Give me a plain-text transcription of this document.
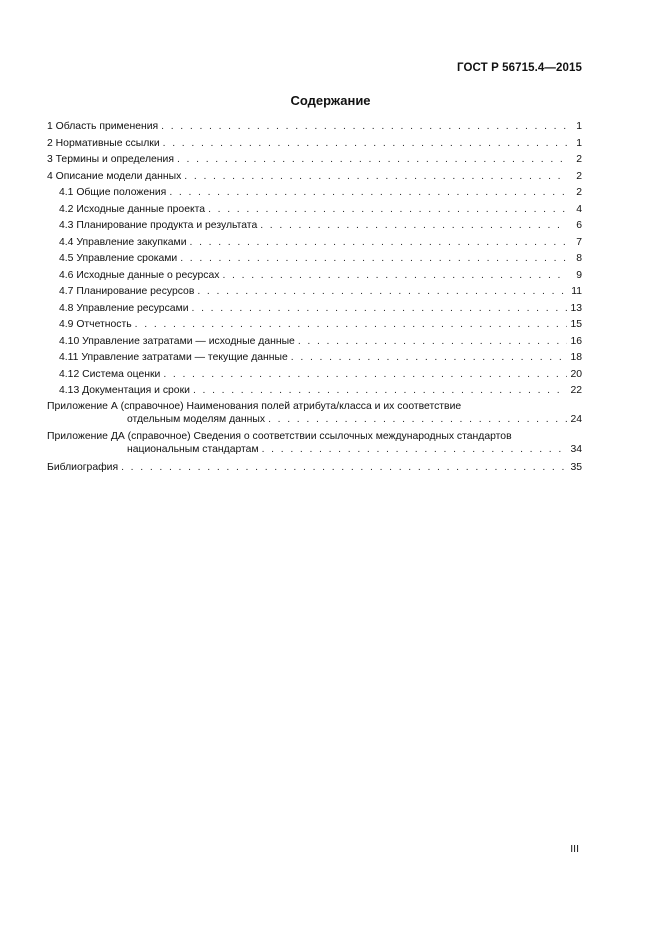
ГОСТ Р 56715.4—2015
Содержание
1 Область применения . . .	1
2 Нормативные ссылки . . .	1
3 Термины и определения . . .	2
4 Описание модели данных . . .	2
4.1 Общие положения . . .	2
4.2 Исходные данные проекта . . .	4
4.3 Планирование продукта и результата . . .	6
4.4 Управление закупками . . .	7
4.5 Управление сроками . . .	8
4.6 Исходные данные о ресурсах . . .	9
4.7 Планирование ресурсов . . .	11
4.8 Управление ресурсами . . .	13
4.9 Отчетность . . .	15
4.10 Управление затратами — исходные данные . . .	16
4.11 Управление затратами — текущие данные . . .	18
4.12 Система оценки . . .	20
4.13 Документация и сроки . . .	22
Приложение А (справочное) Наименования полей атрибута/класса и их соответствие
отдельным моделям данных . . .	24
Приложение ДА (справочное) Сведения о соответствии ссылочных международных стандартов
национальным стандартам . . .	34
Библиография . . .	35
III
